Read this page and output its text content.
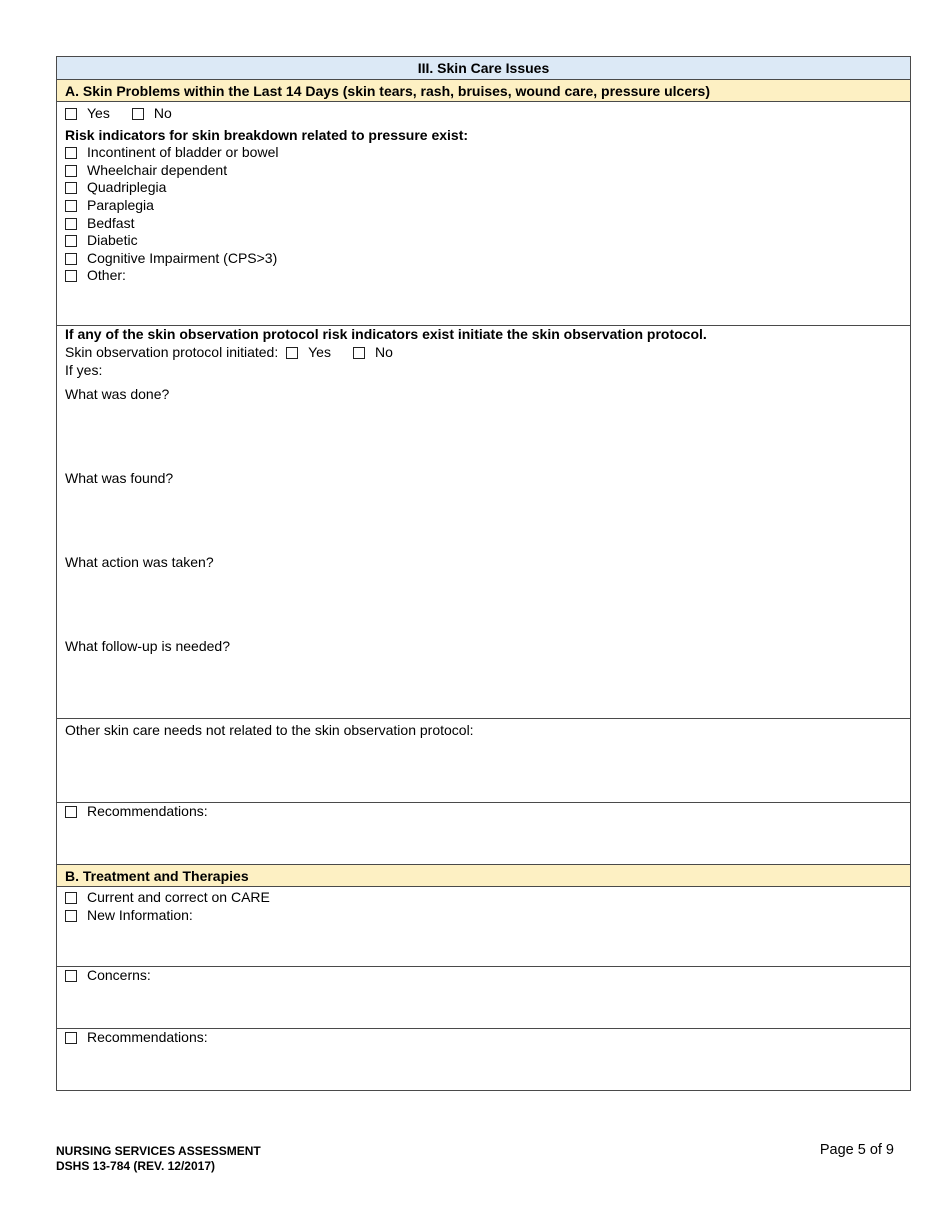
III. Skin Care Issues
A. Skin Problems within the Last 14 Days (skin tears, rash, bruises, wound care, pressure ulcers)
Yes	No
Risk indicators for skin breakdown related to pressure exist:
Incontinent of bladder or bowel
Wheelchair dependent
Quadriplegia
Paraplegia
Bedfast
Diabetic
Cognitive Impairment (CPS>3)
Other:
If any of the skin observation protocol risk indicators exist initiate the skin observation protocol.
Skin observation protocol initiated: Yes	No
If yes:
What was done?
What was found?
What action was taken?
What follow-up is needed?
Other skin care needs not related to the skin observation protocol:
Recommendations:
B. Treatment and Therapies
Current and correct on CARE
New Information:
Concerns:
Recommendations:
NURSING SERVICES ASSESSMENT
DSHS 13-784 (REV. 12/2017)
Page 5 of 9
